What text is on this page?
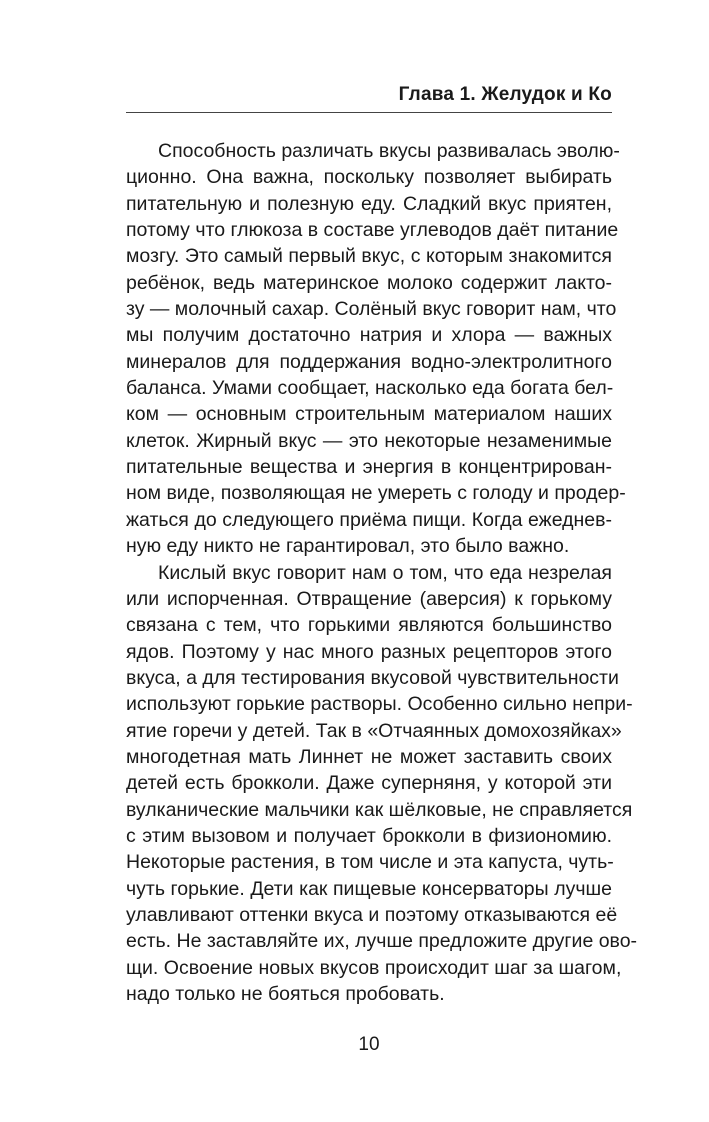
Глава 1. Желудок и Ко
Способность различать вкусы развивалась эволю-
ционно. Она важна, поскольку позволяет выбирать
питательную и полезную еду. Сладкий вкус приятен,
потому что глюкоза в составе углеводов даёт питание
мозгу. Это самый первый вкус, с которым знакомится
ребёнок, ведь материнское молоко содержит лакто-
зу — молочный сахар. Солёный вкус говорит нам, что
мы получим достаточно натрия и хлора — важных
минералов для поддержания водно-электролитного
баланса. Умами сообщает, насколько еда богата бел-
ком — основным строительным материалом наших
клеток. Жирный вкус — это некоторые незаменимые
питательные вещества и энергия в концентрирован-
ном виде, позволяющая не умереть с голоду и продер-
жаться до следующего приёма пищи. Когда ежеднев-
ную еду никто не гарантировал, это было важно.
Кислый вкус говорит нам о том, что еда незрелая
или испорченная. Отвращение (аверсия) к горькому
связана с тем, что горькими являются большинство
ядов. Поэтому у нас много разных рецепторов этого
вкуса, а для тестирования вкусовой чувствительности
используют горькие растворы. Особенно сильно непри-
ятие горечи у детей. Так в «Отчаянных домохозяйках»
многодетная мать Линнет не может заставить своих
детей есть брокколи. Даже суперняня, у которой эти
вулканические мальчики как шёлковые, не справляется
с этим вызовом и получает брокколи в физиономию.
Некоторые растения, в том числе и эта капуста, чуть-
чуть горькие. Дети как пищевые консерваторы лучше
улавливают оттенки вкуса и поэтому отказываются её
есть. Не заставляйте их, лучше предложите другие ово-
щи. Освоение новых вкусов происходит шаг за шагом,
надо только не бояться пробовать.
10
